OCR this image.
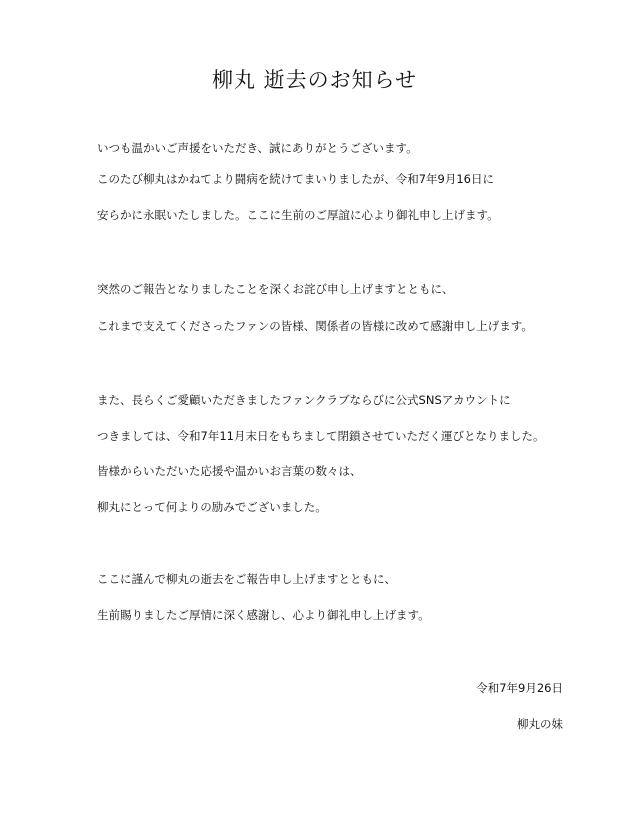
柳丸 逝去のお知らせ
いつも温かいご声援をいただき、誠にありがとうございます。
このたび柳丸はかねてより闘病を続けてまいりましたが、令和7年9月16日に
安らかに永眠いたしました。ここに生前のご厚誼に心より御礼申し上げます。
突然のご報告となりましたことを深くお詫び申し上げますとともに、
これまで支えてくださったファンの皆様、関係者の皆様に改めて感謝申し上げます。
また、長らくご愛顧いただきましたファンクラブならびに公式SNSアカウントに
つきましては、令和7年11月末日をもちまして閉鎖させていただく運びとなりました。
皆様からいただいた応援や温かいお言葉の数々は、
柳丸にとって何よりの励みでございました。
ここに謹んで柳丸の逝去をご報告申し上げますとともに、
生前賜りましたご厚情に深く感謝し、心より御礼申し上げます。
令和7年9月26日
柳丸の妹
